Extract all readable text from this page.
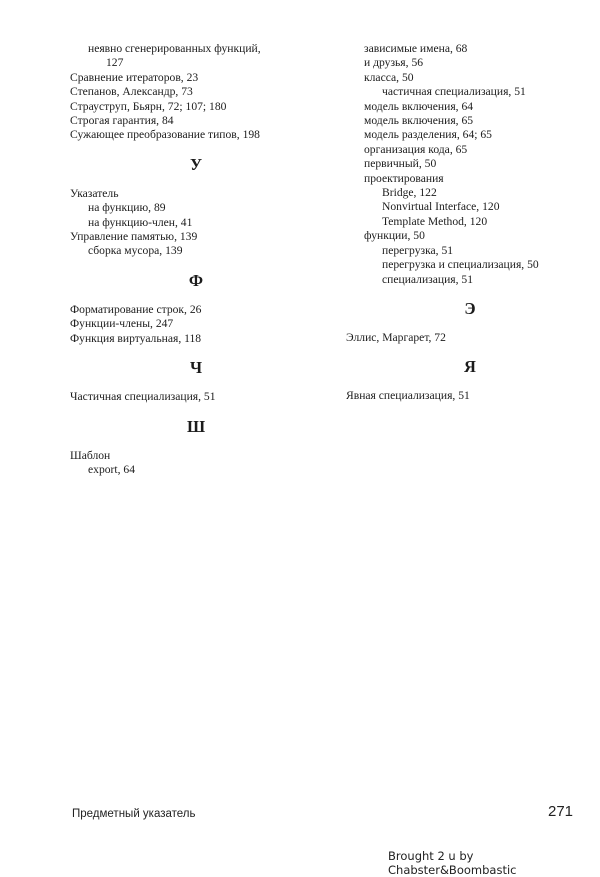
неявно сгенерированных функций,
127
Сравнение итераторов, 23
Степанов, Александр, 73
Страуструп, Бьярн, 72; 107; 180
Строгая гарантия, 84
Сужающее преобразование типов, 198
У
Указатель
на функцию, 89
на функцию-член, 41
Управление памятью, 139
сборка мусора, 139
Ф
Форматирование строк, 26
Функции-члены, 247
Функция виртуальная, 118
Ч
Частичная специализация, 51
Ш
Шаблон
export, 64
зависимые имена, 68
и друзья, 56
класса, 50
частичная специализация, 51
модель включения, 64
модель включения, 65
модель разделения, 64; 65
организация кода, 65
первичный, 50
проектирования
Bridge, 122
Nonvirtual Interface, 120
Template Method, 120
функции, 50
перегрузка, 51
перегрузка и специализация, 50
специализация, 51
Э
Эллис, Маргарет, 72
Я
Явная специализация, 51
Предметный указатель	271
Brought 2 u by Chabster&Boombastic
